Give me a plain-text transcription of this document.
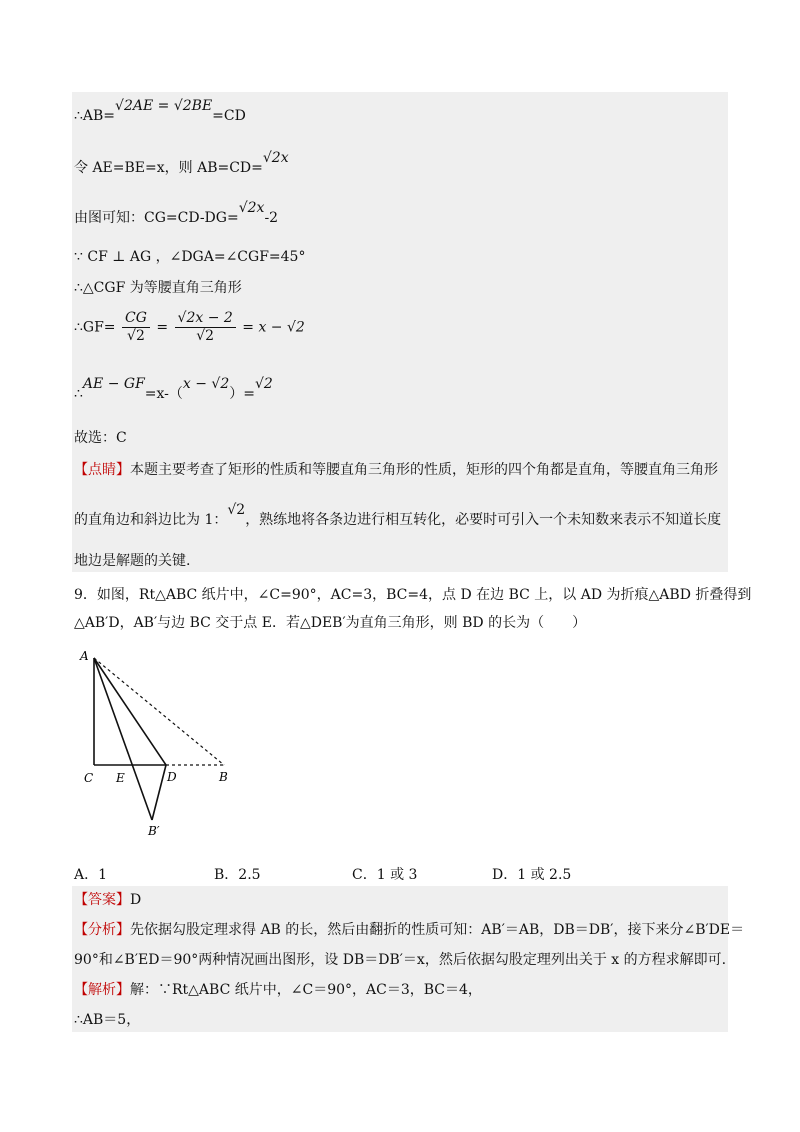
∴AB=√2AE = √2BE=CD
令 AE=BE=x，则 AB=CD=√2x
由图可知：CG=CD-DG=√2x-2
∵ CF ⊥ AG ，∠DGA=∠CGF=45°
∴△CGF 为等腰直角三角形
∴GF= $\frac{CG}{√2} = \frac{√2x - 2}{√2} = x - √2$
∴AE − GF=x-（x − √2）=√2
故选：C
【点睛】本题主要考查了矩形的性质和等腰直角三角形的性质，矩形的四个角都是直角，等腰直角三角形
的直角边和斜边比为 1：√2，熟练地将各条边进行相互转化，必要时可引入一个未知数来表示不知道长度
地边是解题的关键.
9．如图，Rt△ABC 纸片中，∠C=90°，AC=3，BC=4，点 D 在边 BC 上，以 AD 为折痕△ABD 折叠得到
△AB′D，AB′与边 BC 交于点 E．若△DEB′为直角三角形，则 BD 的长为（　　）
A
C E	D	B
B′
A．1	B．2.5	C．1 或 3	D．1 或 2.5
【答案】D
【分析】先依据勾股定理求得 AB 的长，然后由翻折的性质可知：AB′＝AB，DB＝DB′，接下来分∠B′DE＝
90°和∠B′ED＝90°两种情况画出图形，设 DB＝DB′＝x，然后依据勾股定理列出关于 x 的方程求解即可.
【解析】解：∵Rt△ABC 纸片中，∠C＝90°，AC＝3，BC＝4，
∴AB＝5，
